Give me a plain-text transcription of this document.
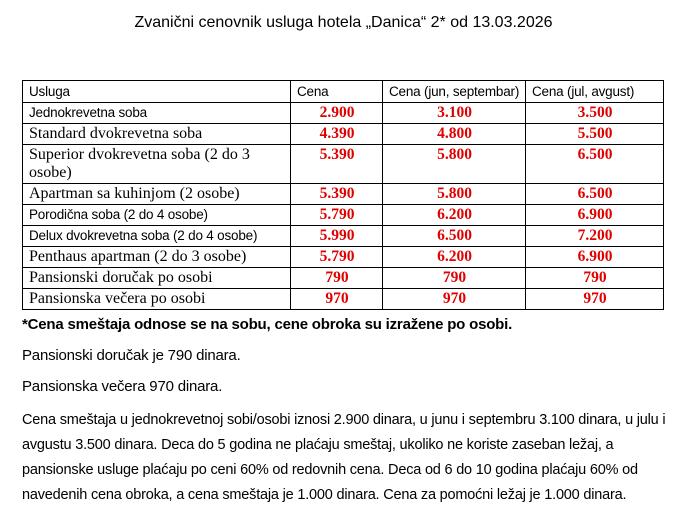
Zvanični cenovnik usluga hotela „Danica“ 2* od 13.03.2026
Usluga	Cena	Cena (jun, septembar)	Cena (jul, avgust)
Jednokrevetna soba	2.900	3.100	3.500
Standard dvokrevetna soba	4.390	4.800	5.500
Superior dvokrevetna soba (2 do 3 osobe)	5.390	5.800	6.500
Apartman sa kuhinjom (2 osobe)	5.390	5.800	6.500
Porodična soba (2 do 4 osobe)	5.790	6.200	6.900
Delux dvokrevetna soba (2 do 4 osobe)	5.990	6.500	7.200
Penthaus apartman (2 do 3 osobe)	5.790	6.200	6.900
Pansionski doručak po osobi	790	790	790
Pansionska večera po osobi	970	970	970
*Cena smeštaja odnose se na sobu, cene obroka su izražene po osobi.
Pansionski doručak je 790 dinara.
Pansionska večera 970 dinara.
Cena smeštaja u jednokrevetnoj sobi/osobi iznosi 2.900 dinara, u junu i septembru 3.100 dinara, u julu i avgustu 3.500 dinara. Deca do 5 godina ne plaćaju smeštaj, ukoliko ne koriste zaseban ležaj, a pansionske usluge plaćaju po ceni 60% od redovnih cena. Deca od 6 do 10 godina plaćaju 60% od navedenih cena obroka, a cena smeštaja je 1.000 dinara. Cena za pomoćni ležaj je 1.000 dinara.
